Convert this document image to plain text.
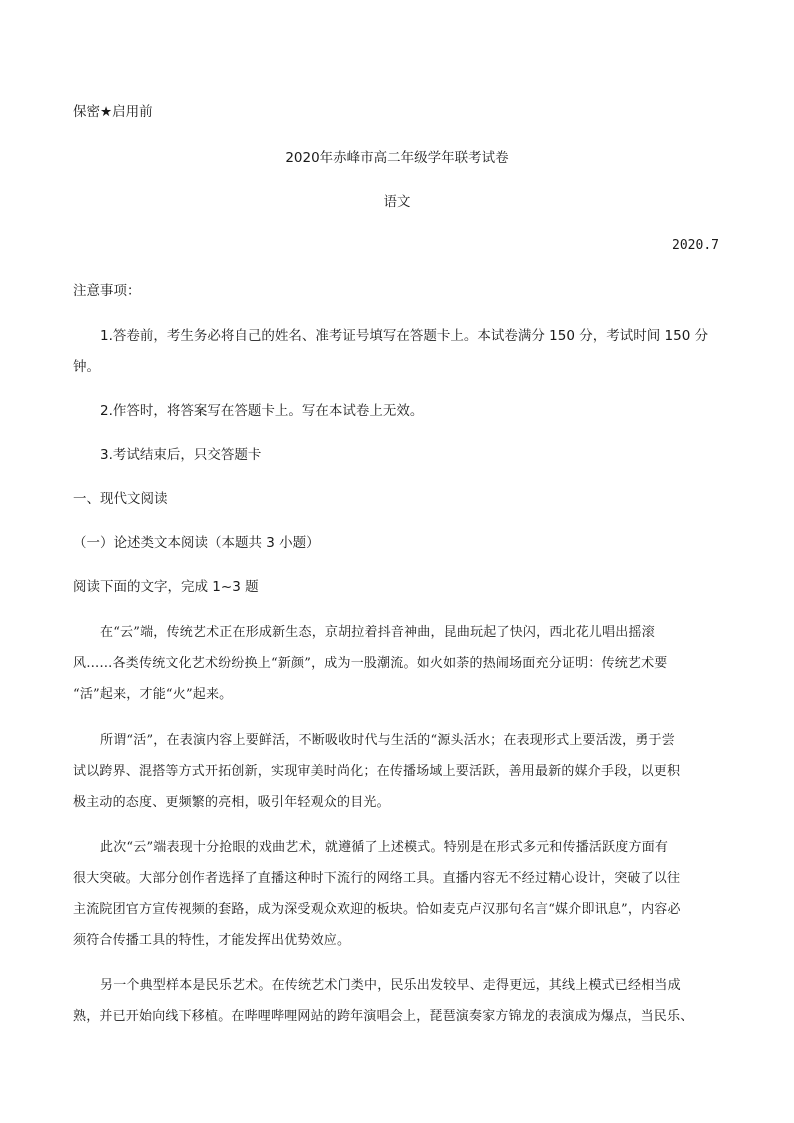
保密★启用前

2020年赤峰市高二年级学年联考试卷

语文

2020.7

注意事项：

1.答卷前，考生务必将自己的姓名、准考证号填写在答题卡上。本试卷满分 150 分，考试时间 150 分

钟。

2.作答时，将答案写在答题卡上。写在本试卷上无效。

3.考试结束后，只交答题卡

一、现代文阅读

（一）论述类文本阅读（本题共 3 小题）

阅读下面的文字，完成 1~3 题

在“云”端，传统艺术正在形成新生态，京胡拉着抖音神曲，昆曲玩起了快闪，西北花儿唱出摇滚

风……各类传统文化艺术纷纷换上“新颜”，成为一股潮流。如火如荼的热闹场面充分证明：传统艺术要

“活”起来，才能“火”起来。

所谓“活”，在表演内容上要鲜活，不断吸收时代与生活的“源头活水；在表现形式上要活泼，勇于尝

试以跨界、混搭等方式开拓创新，实现审美时尚化；在传播场域上要活跃，善用最新的媒介手段，以更积

极主动的态度、更频繁的亮相，吸引年轻观众的目光。

此次“云”端表现十分抢眼的戏曲艺术，就遵循了上述模式。特别是在形式多元和传播活跃度方面有

很大突破。大部分创作者选择了直播这种时下流行的网络工具。直播内容无不经过精心设计，突破了以往

主流院团官方宣传视频的套路，成为深受观众欢迎的板块。恰如麦克卢汉那句名言“媒介即讯息”，内容必

须符合传播工具的特性，才能发挥出优势效应。

另一个典型样本是民乐艺术。在传统艺术门类中，民乐出发较早、走得更远，其线上模式已经相当成

熟，并已开始向线下移植。在哔哩哔哩网站的跨年演唱会上，琵琶演奏家方锦龙的表演成为爆点，当民乐、
